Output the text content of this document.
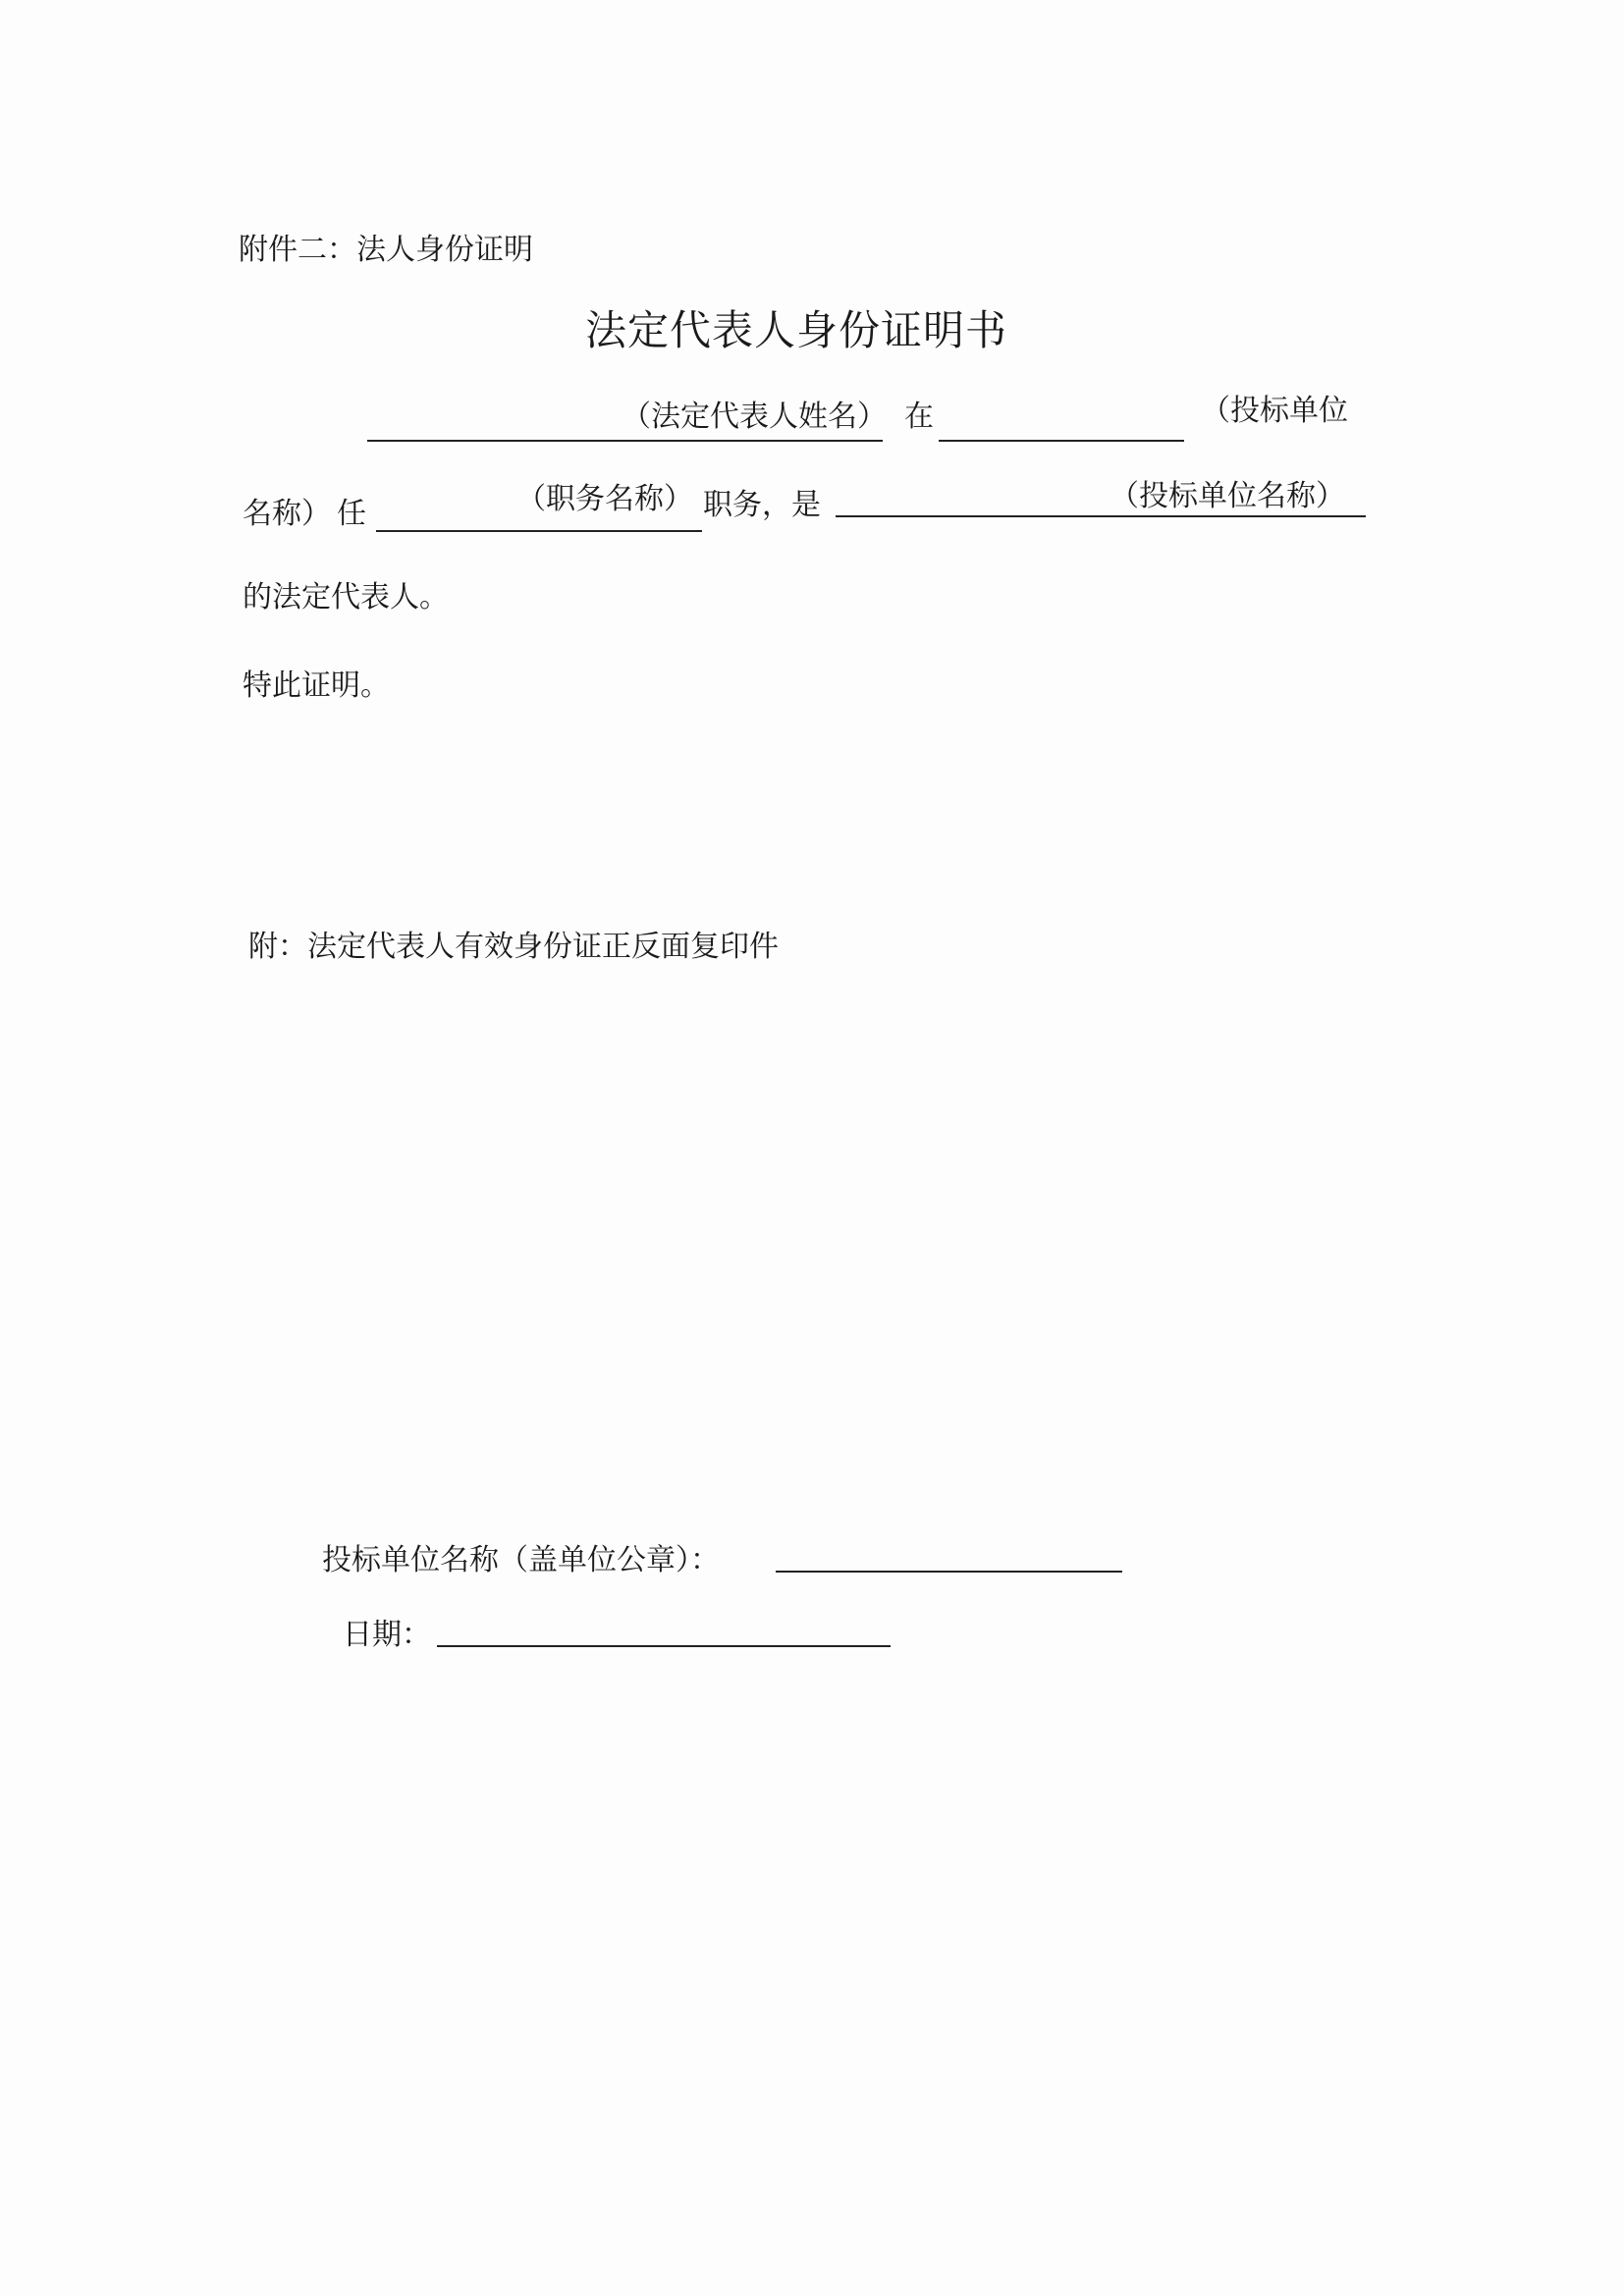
附件二：法人身份证明
法定代表人身份证明书
（法定代表人姓名） 在	（投标单位
名称） 任	（职务名称） 职务，是	（投标单位名称）
的法定代表人。
特此证明。
附：法定代表人有效身份证正反面复印件
投标单位名称（盖单位公章）：
日期：
